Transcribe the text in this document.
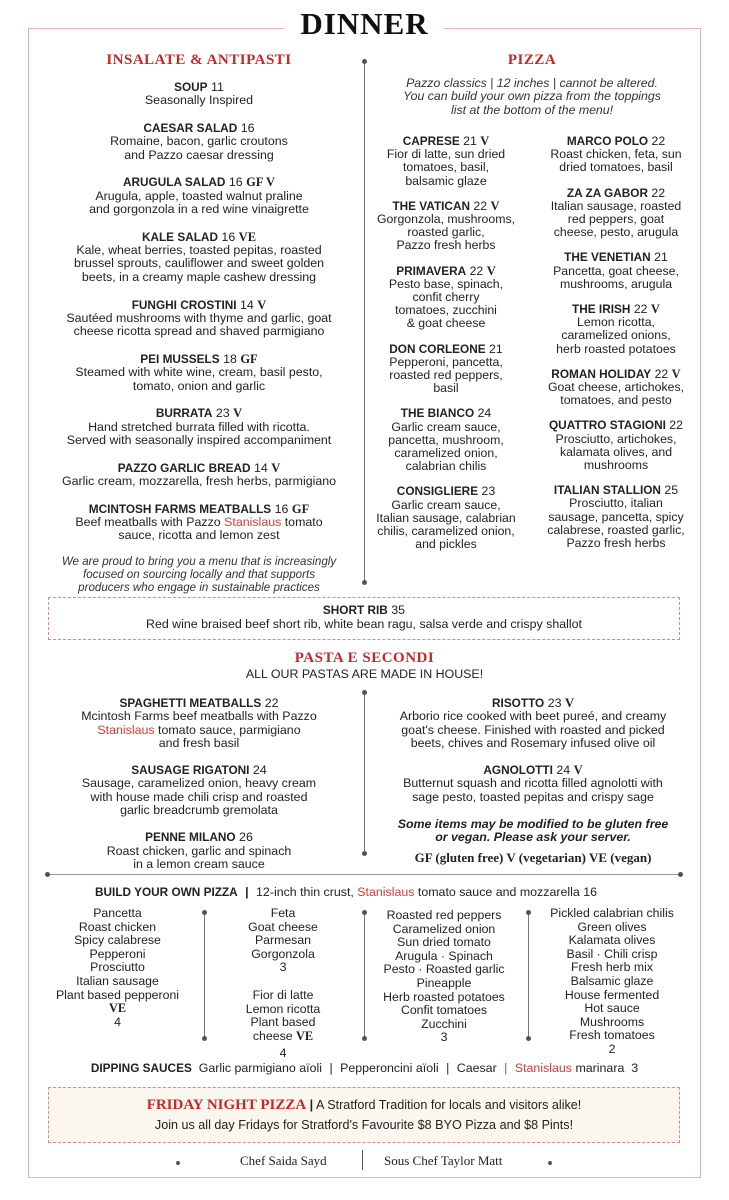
DINNER
INSALATE & ANTIPASTI
SOUP 11
Seasonally Inspired
CAESAR SALAD 16
Romaine, bacon, garlic croutons
and Pazzo caesar dressing
ARUGULA SALAD 16 GF V
Arugula, apple, toasted walnut praline
and gorgonzola in a red wine vinaigrette
KALE SALAD 16 VE
Kale, wheat berries, toasted pepitas, roasted
brussel sprouts, cauliflower and sweet golden
beets, in a creamy maple cashew dressing
FUNGHI CROSTINI 14 V
Sautéed mushrooms with thyme and garlic, goat
cheese ricotta spread and shaved parmigiano
PEI MUSSELS 18 GF
Steamed with white wine, cream, basil pesto,
tomato, onion and garlic
BURRATA 23 V
Hand stretched burrata filled with ricotta.
Served with seasonally inspired accompaniment
PAZZO GARLIC BREAD 14 V
Garlic cream, mozzarella, fresh herbs, parmigiano
MCINTOSH FARMS MEATBALLS 16 GF
Beef meatballs with Pazzo Stanislaus tomato
sauce, ricotta and lemon zest
We are proud to bring you a menu that is increasingly
focused on sourcing locally and that supports
producers who engage in sustainable practices
PIZZA
Pazzo classics | 12 inches | cannot be altered.
You can build your own pizza from the toppings
list at the bottom of the menu!
CAPRESE 21 V
Fior di latte, sun dried
tomatoes, basil,
balsamic glaze
THE VATICAN 22 V
Gorgonzola, mushrooms,
roasted garlic,
Pazzo fresh herbs
PRIMAVERA 22 V
Pesto base, spinach,
confit cherry
tomatoes, zucchini
& goat cheese
DON CORLEONE 21
Pepperoni, pancetta,
roasted red peppers,
basil
THE BIANCO 24
Garlic cream sauce,
pancetta, mushroom,
caramelized onion,
calabrian chilis
CONSIGLIERE 23
Garlic cream sauce,
Italian sausage, calabrian
chilis, caramelized onion,
and pickles
MARCO POLO 22
Roast chicken, feta, sun
dried tomatoes, basil
ZA ZA GABOR 22
Italian sausage, roasted
red peppers, goat
cheese, pesto, arugula
THE VENETIAN 21
Pancetta, goat cheese,
mushrooms, arugula
THE IRISH 22 V
Lemon ricotta,
caramelized onions,
herb roasted potatoes
ROMAN HOLIDAY 22 V
Goat cheese, artichokes,
tomatoes, and pesto
QUATTRO STAGIONI 22
Prosciutto, artichokes,
kalamata olives, and
mushrooms
ITALIAN STALLION 25
Prosciutto, italian
sausage, pancetta, spicy
calabrese, roasted garlic,
Pazzo fresh herbs
SHORT RIB 35
Red wine braised beef short rib, white bean ragu, salsa verde and crispy shallot
PASTA E SECONDI
ALL OUR PASTAS ARE MADE IN HOUSE!
SPAGHETTI MEATBALLS 22
Mcintosh Farms beef meatballs with Pazzo
Stanislaus tomato sauce, parmigiano
and fresh basil
SAUSAGE RIGATONI 24
Sausage, caramelized onion, heavy cream
with house made chili crisp and roasted
garlic breadcrumb gremolata
PENNE MILANO 26
Roast chicken, garlic and spinach
in a lemon cream sauce
RISOTTO 23 V
Arborio rice cooked with beet pureé, and creamy
goat's cheese. Finished with roasted and picked
beets, chives and Rosemary infused olive oil
AGNOLOTTI 24 V
Butternut squash and ricotta filled agnolotti with
sage pesto, toasted pepitas and crispy sage
Some items may be modified to be gluten free
or vegan. Please ask your server.
GF (gluten free) V (vegetarian) VE (vegan)
BUILD YOUR OWN PIZZA | 12-inch thin crust, Stanislaus tomato sauce and mozzarella 16
Pancetta
Roast chicken
Spicy calabrese
Pepperoni
Prosciutto
Italian sausage
Plant based pepperoni
VE
4
Feta
Goat cheese
Parmesan
Gorgonzola
3
Fior di latte
Lemon ricotta
Plant based
cheese VE
4
Roasted red peppers
Caramelized onion
Sun dried tomato
Arugula · Spinach
Pesto · Roasted garlic
Pineapple
Herb roasted potatoes
Confit tomatoes
Zucchini
3
Pickled calabrian chilis
Green olives
Kalamata olives
Basil · Chili crisp
Fresh herb mix
Balsamic glaze
House fermented
Hot sauce
Mushrooms
Fresh tomatoes
2
DIPPING SAUCES Garlic parmigiano aïoli | Pepperoncini aïoli | Caesar | Stanislaus marinara 3
FRIDAY NIGHT PIZZA | A Stratford Tradition for locals and visitors alike!
Join us all day Fridays for Stratford's Favourite $8 BYO Pizza and $8 Pints!
Chef Saida Sayd	Sous Chef Taylor Matt
